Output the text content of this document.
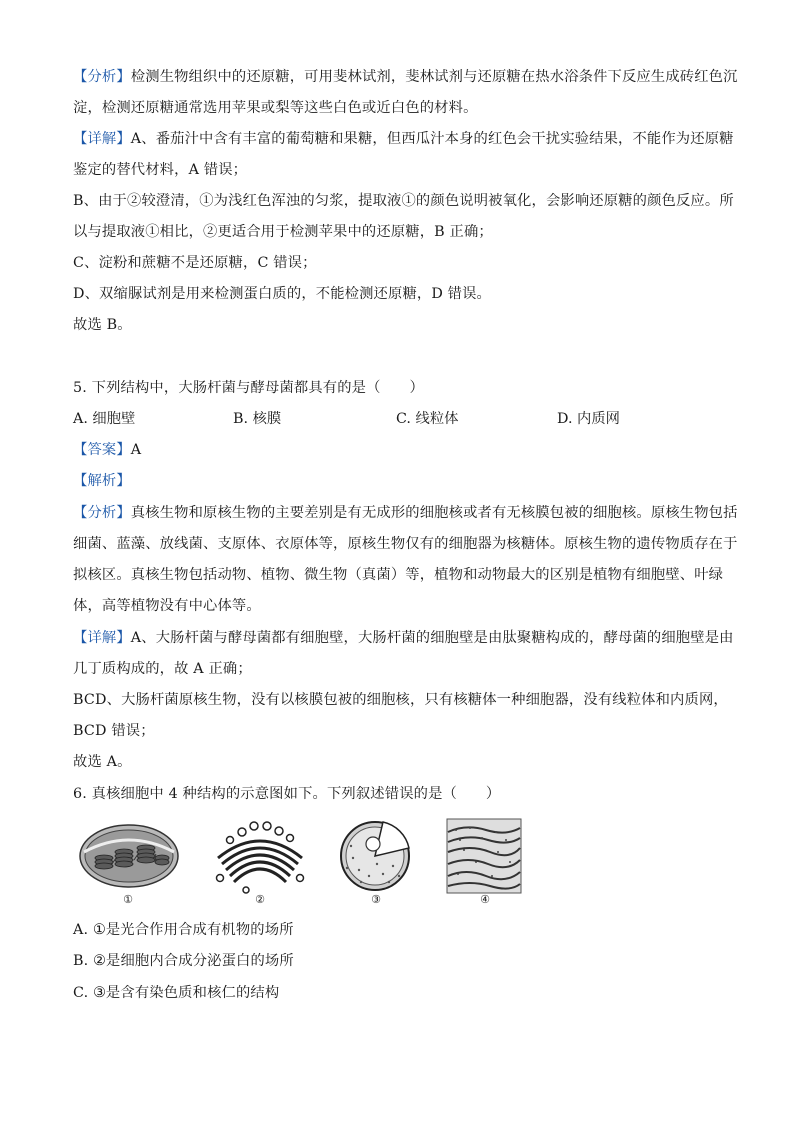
【分析】检测生物组织中的还原糖，可用斐林试剂，斐林试剂与还原糖在热水浴条件下反应生成砖红色沉
淀，检测还原糖通常选用苹果或梨等这些白色或近白色的材料。
【详解】A、番茄汁中含有丰富的葡萄糖和果糖，但西瓜汁本身的红色会干扰实验结果，不能作为还原糖
鉴定的替代材料，A 错误；
B、由于②较澄清，①为浅红色浑浊的匀浆，提取液①的颜色说明被氧化，会影响还原糖的颜色反应。所
以与提取液①相比，②更适合用于检测苹果中的还原糖，B 正确；
C、淀粉和蔗糖不是还原糖，C 错误；
D、双缩脲试剂是用来检测蛋白质的，不能检测还原糖，D 错误。
故选 B。
5. 下列结构中，大肠杆菌与酵母菌都具有的是（　　）
A. 细胞壁	B. 核膜	C. 线粒体	D. 内质网
【答案】A
【解析】
【分析】真核生物和原核生物的主要差别是有无成形的细胞核或者有无核膜包被的细胞核。原核生物包括
细菌、蓝藻、放线菌、支原体、衣原体等，原核生物仅有的细胞器为核糖体。原核生物的遗传物质存在于
拟核区。真核生物包括动物、植物、微生物（真菌）等，植物和动物最大的区别是植物有细胞壁、叶绿
体，高等植物没有中心体等。
【详解】A、大肠杆菌与酵母菌都有细胞壁，大肠杆菌的细胞壁是由肽聚糖构成的，酵母菌的细胞壁是由
几丁质构成的，故 A 正确；
BCD、大肠杆菌原核生物，没有以核膜包被的细胞核，只有核糖体一种细胞器，没有线粒体和内质网，
BCD 错误；
故选 A。
6. 真核细胞中 4 种结构的示意图如下。下列叙述错误的是（　　）
①	②	③	④
A. ①是光合作用合成有机物的场所
B. ②是细胞内合成分泌蛋白的场所
C. ③是含有染色质和核仁的结构
